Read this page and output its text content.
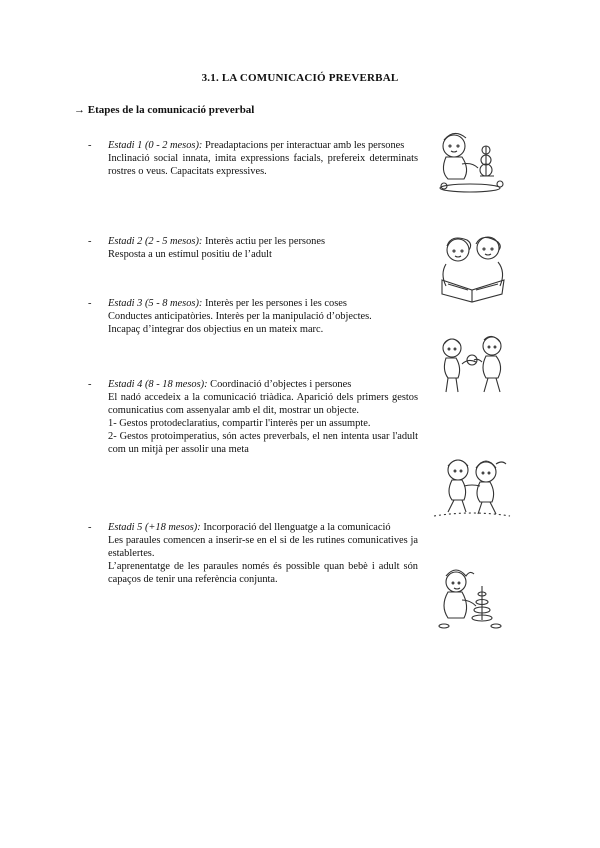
3.1. LA COMUNICACIÓ PREVERBAL
→ Etapes de la comunicació preverbal
- Estadi 1 (0 - 2 mesos): Preadaptacions per interactuar amb les persones
Inclinació social innata, imita expressions facials, prefereix determinats rostres o veus. Capacitats expressives.
- Estadi 2 (2 - 5 mesos): Interès actiu per les persones
Resposta a un estímul positiu de l’adult
- Estadi 3 (5 - 8 mesos): Interès per les persones i les coses
Conductes anticipatòries. Interès per la manipulació d’objectes.
Incapaç d’integrar dos objectius en un mateix marc.
- Estadi 4 (8 - 18 mesos): Coordinació d’objectes i persones
El nadó accedeix a la comunicació triàdica. Aparició dels primers gestos comunicatius com assenyalar amb el dit, mostrar un objecte.
1- Gestos protodeclaratius, compartir l'interès per un assumpte.
2- Gestos protoimperatius, són actes preverbals, el nen intenta usar l'adult com un mitjà per assolir una meta
- Estadi 5 (+18 mesos): Incorporació del llenguatge a la comunicació
Les paraules comencen a inserir-se en el si de les rutines comunicatives ja establertes.
L’aprenentatge de les paraules només és possible quan bebè i adult són capaços de tenir una referència conjunta.
